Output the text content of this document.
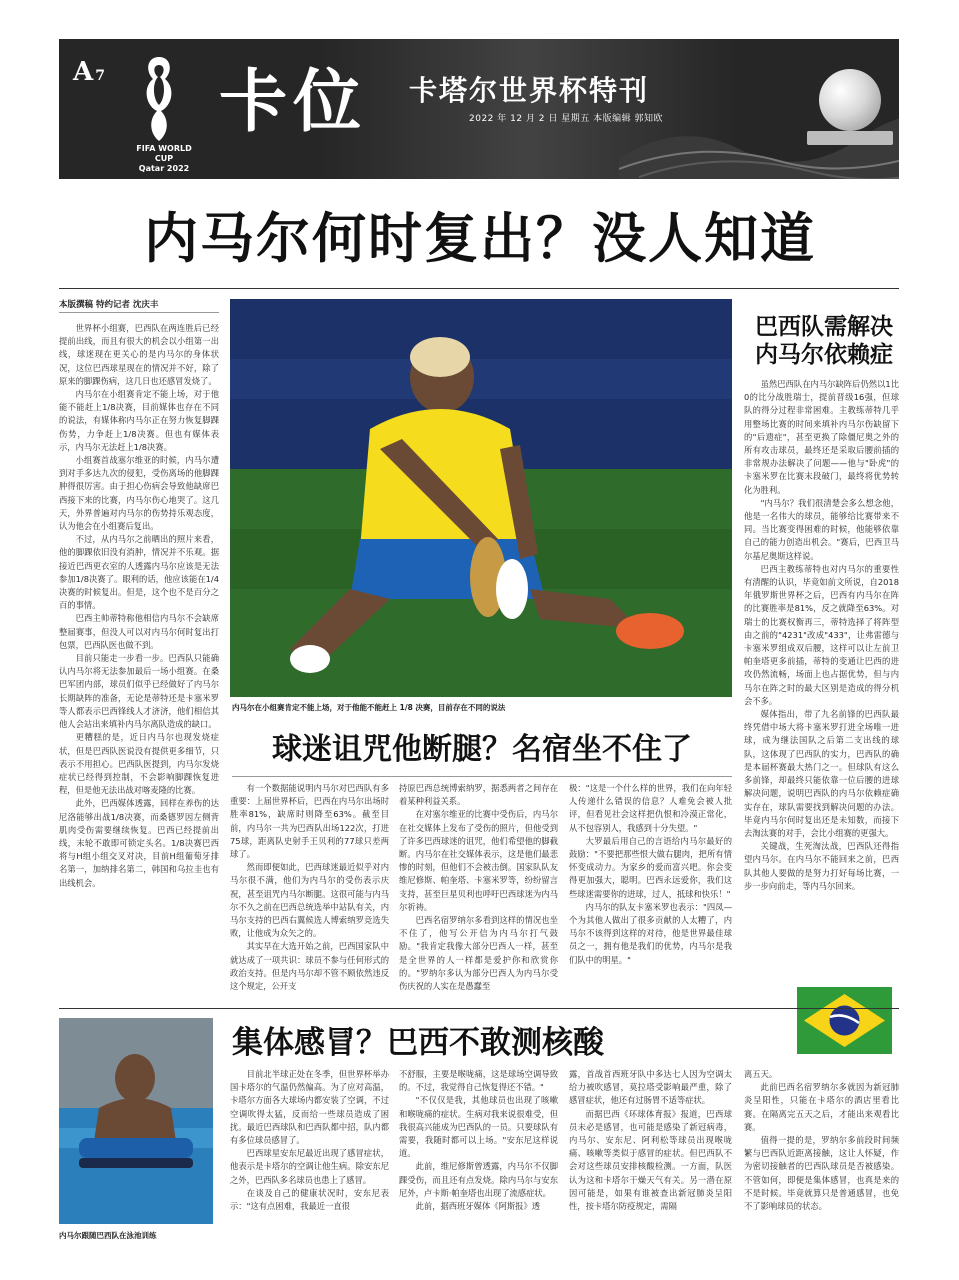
A 7
FIFA WORLD CUP
Qatar 2022
卡位 卡塔尔世界杯特刊
2022 年 12 月 2 日 星期五 本版编辑 郭知欧
内马尔何时复出？没人知道
本版撰稿 特约记者 沈庆丰

世界杯小组赛，巴西队在两连胜后已经提前出线，而且有很大的机会以小组第一出线，球迷现在更关心的是内马尔的身体状况，这位巴西球星现在的情况并不好，除了原来的脚踝伤病，这几日也还感冒发烧了。

内马尔在小组赛肯定不能上场，对于他能不能赶上1/8决赛，目前媒体也存在不同的说法，有媒体称内马尔正在努力恢复脚踝伤势，力争赶上1/8决赛。但也有媒体表示，内马尔无法赶上1/8决赛。

小组赛首战塞尔维亚的时候，内马尔遭到对手多达九次的侵犯，受伤离场的他脚踝肿得很厉害。由于担心伤病会导致他缺席巴西接下来的比赛，内马尔伤心地哭了。这几天，外界普遍对内马尔的伤势持乐观态度，认为他会在小组赛后复出。

不过，从内马尔之前晒出的照片来看，他的脚踝依旧没有消肿，情况并不乐观。据接近巴西更衣室的人透露内马尔应该是无法参加1/8决赛了。眼利的话，他应该能在1/4决赛的时候复出。但是，这个也不是百分之百的事情。

巴西主帅蒂特称他相信内马尔不会缺席整届赛事，但没人可以对内马尔何时复出打包票，巴西队医也做不到。

目前只能走一步看一步。巴西队只能确认内马尔将无法参加最后一场小组赛。在桑巴军团内部，球员们似乎已经做好了内马尔长期缺阵的准备，无论是蒂特还是卡塞米罗等人都表示巴西锋线人才济济，他们相信其他人会站出来填补内马尔离队造成的缺口。

更糟糕的是，近日内马尔也现发烧症状，但是巴西队医说没有提供更多细节，只表示不用担心。巴西队医提到，内马尔发烧症状已经得到控制，不会影响脚踝恢复进程，但是他无法出战对喀麦隆的比赛。

此外，巴西媒体透露，回样在养伤的达尼洛能够出战1/8决赛，而桑德罗因左侧背肌肉受伤需要继续恢复。巴西已经提前出线，末轮不敢即可锁定头名。1/8决赛巴西将与H组小组交叉对决，目前H组葡萄牙排名第一，加纳排名第二，韩国和乌拉圭也有出线机会。

内马尔在小组赛肯定不能上场，对于他能不能赶上 1/8 决赛，目前存在不同的说法
巴西队需解决
内马尔依赖症

虽然巴西队在内马尔缺阵后仍然以1比0的比分战胜瑞士，提前晋级16强，但球队的得分过程非常困难。主教练蒂特几乎用整场比赛的时间来填补内马尔伤缺留下的"后遗症"，甚至更换了除僵尼奥之外的所有攻击球员，最终还是采取后腰前插的非常规办法解决了问题——他与"卧虎"的卡塞米罗在比赛末段破门，最终将优势转化为胜利。

"内马尔？我们很清楚会多么想念他，他是一名伟大的球员，能够给比赛带来不同。当比赛变得困难的时候，他能够依靠自己的能力创造出机会。"赛后，巴西卫马尔基尼奥斯这样说。

巴西主教练蒂特也对内马尔的重要性有清醒的认识，毕竟如前文所说，自2018年俄罗斯世界杯之后，巴西有内马尔在阵的比赛胜率是81%，反之就降至63%。对瑞士的比赛权衡再三，蒂特选择了将阵型由之前的"4231"改成"433"，让弗雷德与卡塞米罗组成双后腰，这样可以让左前卫帕奎塔更多前插，蒂特的变通让巴西的进攻仍然流畅，场面上也占据优势，但与内马尔在阵之时的最大区别是造成的得分机会不多。

媒体指出，带了九名前锋的巴西队最终凭借中场大将卡塞米罗打进全场唯一进球，成为继法国队之后第二支出线的球队，这体现了巴西队的实力，巴西队的确是本届杯赛最大热门之一。但球队有这么多前锋，却最终只能依靠一位后腰的进球解决问题，说明巴西队的内马尔依赖症确实存在，球队需要找到解决问题的办法。毕竟内马尔何时复出还是未知数，而接下去淘汰赛的对手，会比小组赛的更强大。

关键战，生死淘汰战，巴西队还得指望内马尔。在内马尔不能回来之前，巴西队其他人要做的是努力打好每场比赛，一步一步向前走，等内马尔回来。

球迷诅咒他断腿？名宿坐不住了

有一个数据能说明内马尔对巴西队有多重要：上届世界杯后，巴西在内马尔出场时胜率81%，缺席时则降至63%。截至目前，内马尔一共为巴西队出场122次，打进75球，距离队史射手王贝利的77球只差两球了。

然而即便如此，巴西球迷最近似乎对内马尔很不满，他们为内马尔的受伤表示庆祝，甚至诅咒内马尔断腿。这很可能与内马尔不久之前在巴西总统选举中站队有关，内马尔支持的巴西右翼候选人博索纳罗竞选失败，让他成为众矢之的。

其实早在大选开始之前，巴西国家队中就达成了一项共识：球员不参与任何形式的政治支持。但是内马尔却不管不顾依然违反这个规定，公开支

持原巴西总统博索纳罗，据悉两者之间存在着某种利益关系。

在对塞尔维亚的比赛中受伤后，内马尔在社交媒体上发布了受伤的照片，但他受到了许多巴西球迷的诅咒，他们希望他的脚截断。内马尔在社交媒体表示，这是他们最悲惨的时刻，但他们不会被击倒。国家队队友维尼修斯、帕奎塔、卡塞米罗等，纷纷留言支持，甚至巨星贝利也呼吁巴西球迷为内马尔祈祷。

巴西名宿罗纳尔多看到这样的情况也坐不住了，他写公开信为内马尔打气鼓励。"我肯定我像大部分巴西人一样，甚至是全世界的人一样都是爱护你和欣赏你的。"罗纳尔多认为部分巴西人为内马尔受伤庆祝的人实在是愚蠢至

极："这是一个什么样的世界，我们在向年轻人传递什么错误的信息？人难免会被人批评，但看见社会这样把仇恨和冷漠正常化，从不包容别人，我感到十分失望。"

大罗最后用自己的言语给内马尔最好的鼓励："不要把那些恨大做右腿肉，把所有情怀变成动力。为家乡的爱而富兴吧。你会变得更加强大，聪明。巴西永远爱你，我们这些球迷需要你的进球，过人，抵球和快乐！"

内马尔的队友卡塞米罗也表示："四凤—个为其他人做出了很多贡献的人太糟了，内马尔不该得到这样的对待，他是世界最佳球员之一，拥有他是我们的优势，内马尔是我们队中的明星。"

内马尔跟随巴西队在泳池训练
集体感冒？巴西不敢测核酸

目前北半球正处在冬季，但世界杯举办国卡塔尔的气温仍然偏高。为了应对高温，卡塔尔方面各大球场内都安装了空调，不过空调吹得太猛，反而给一些球员造成了困扰。最近巴西球队和巴西队都中招，队内都有多位球员感冒了。

巴西球星安东尼最近出现了感冒症状，他表示是卡塔尔的空调让他生病。除安东尼之外，巴西队多名球员也患上了感冒。

在谈及自己的健康状况时，安东尼表示："这有点困难，我最近一直很

不舒服，主要是喉咙痛，这是球场空调导致的。不过，我觉得自己恢复得还不错。"

"不仅仅是我，其他球员也出现了咳嗽和喉咙痛的症状。生病对我来说很难受，但我很高兴能成为巴西队的一员。只要球队有需要，我随时都可以上场。"安东尼这样说道。

此前，维尼修斯曾透露，内马尔不仅脚踝受伤，而且还有点发烧。除内马尔与安东尼外，卢卡斯·帕奎塔也出现了流感症状。

此前，据西班牙媒体《阿斯报》透

露，首战首西班牙队中多达七人因为空调太给力被吹感冒，莫拉塔受影响最严重，除了感冒症状，他还有过肠胃不适等症状。

而据巴西《环球体育报》报道，巴西球员未必是感冒，也可能是感染了新冠病毒，内马尔、安东尼、阿利松等球员出现喉咙痛、咳嗽等类似于感冒的症状。但巴西队不会对这些球员安排核酸检测。一方面，队医认为这和卡塔尔干燥天气有关。另一潜在原因可能是，如果有谁被查出新冠肺炎呈阳性，按卡塔尔防疫规定，需隔

离五天。

此前巴西名宿罗纳尔多就因为新冠肺炎呈阳性，只能在卡塔尔的酒店里看比赛。在隔离完五天之后，才能出来观看比赛。

值得一提的是，罗纳尔多前段时间频繁与巴西队近距离接触，这让人怀疑，作为密切接触者的巴西队球员是否被感染。不管如何，即便是集体感冒，也真是来的不是时候。毕竟就算只是普通感冒，也免不了影响球员的状态。
